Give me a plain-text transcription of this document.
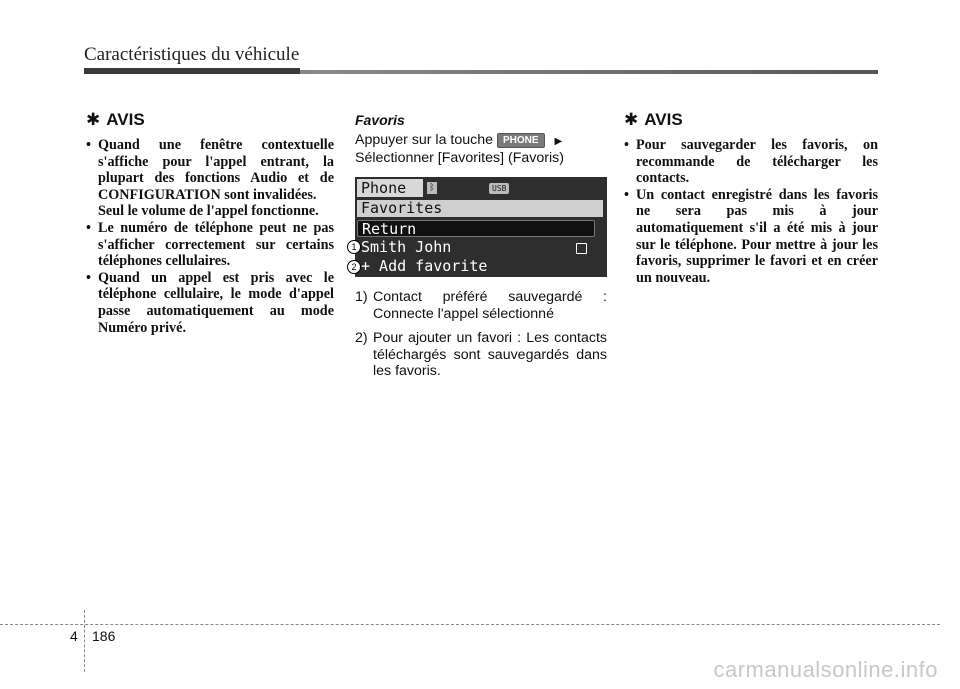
Caractéristiques du véhicule
✱ AVIS
• Quand une fenêtre contextuelle s'affiche pour l'appel entrant, la plupart des fonctions Audio et de CONFIGURATION sont invalidées.
Seul le volume de l'appel fonctionne.
• Le numéro de téléphone peut ne pas s'afficher correctement sur certains téléphones cellulaires.
• Quand un appel est pris avec le téléphone cellulaire, le mode d'appel passe automatiquement au mode Numéro privé.
Favoris
Appuyer sur la touche PHONE ▶
Sélectionner [Favorites] (Favoris)
Phone	ᛒ	USB
Favorites
Return
Smith John
+ Add favorite
1
2
1) Contact préféré sauvegardé : Connecte l'appel sélectionné
2) Pour ajouter un favori : Les contacts téléchargés sont sauvegardés dans les favoris.
✱ AVIS
• Pour sauvegarder les favoris, on recommande de télécharger les contacts.
• Un contact enregistré dans les favoris ne sera pas mis à jour automatiquement s'il a été mis à jour sur le téléphone. Pour mettre à jour les favoris, supprimer le favori et en créer un nouveau.
4 186
carmanualsonline.info
